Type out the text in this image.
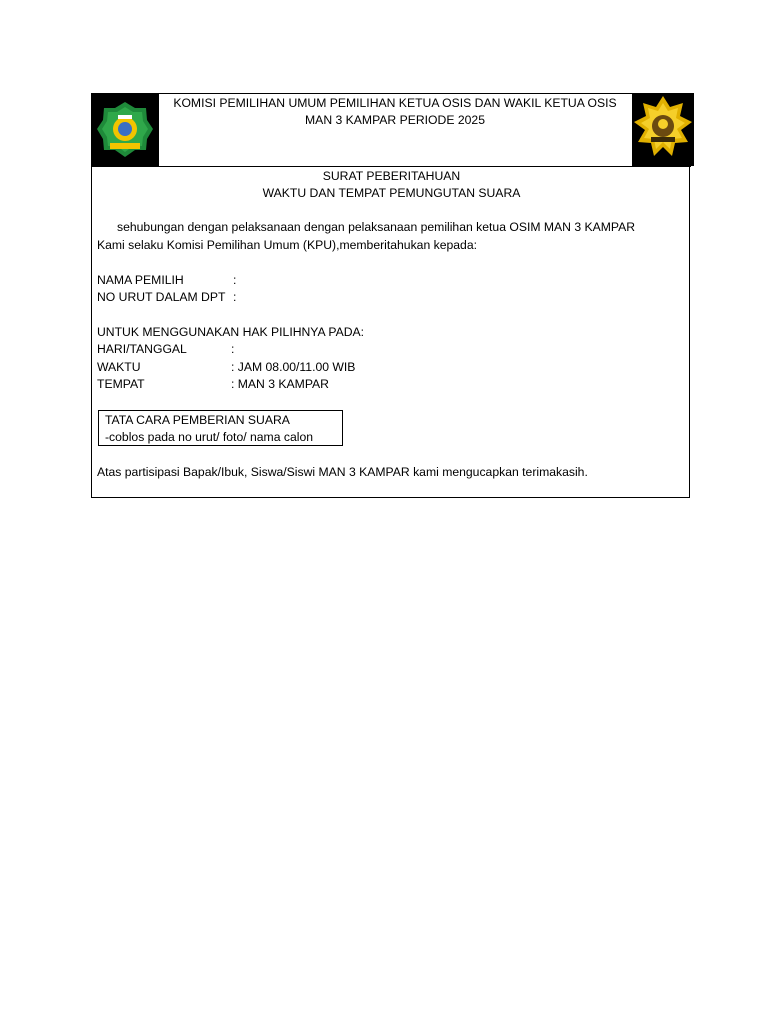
KOMISI PEMILIHAN UMUM PEMILIHAN KETUA OSIS DAN WAKIL KETUA OSIS
MAN 3 KAMPAR PERIODE 2025
SURAT PEBERITAHUAN
WAKTU DAN TEMPAT PEMUNGUTAN SUARA
sehubungan dengan pelaksanaan dengan pelaksanaan pemilihan ketua OSIM MAN 3 KAMPAR
Kami selaku Komisi Pemilihan Umum (KPU),memberitahukan kepada:
NAMA PEMILIH	:
NO URUT DALAM DPT :
UNTUK MENGGUNAKAN HAK PILIHNYA PADA:
HARI/TANGGAL	:
WAKTU	: JAM 08.00/11.00 WIB
TEMPAT	: MAN 3 KAMPAR
TATA CARA PEMBERIAN SUARA
-coblos pada no urut/ foto/ nama calon
Atas partisipasi Bapak/Ibuk, Siswa/Siswi MAN 3 KAMPAR kami mengucapkan terimakasih.
